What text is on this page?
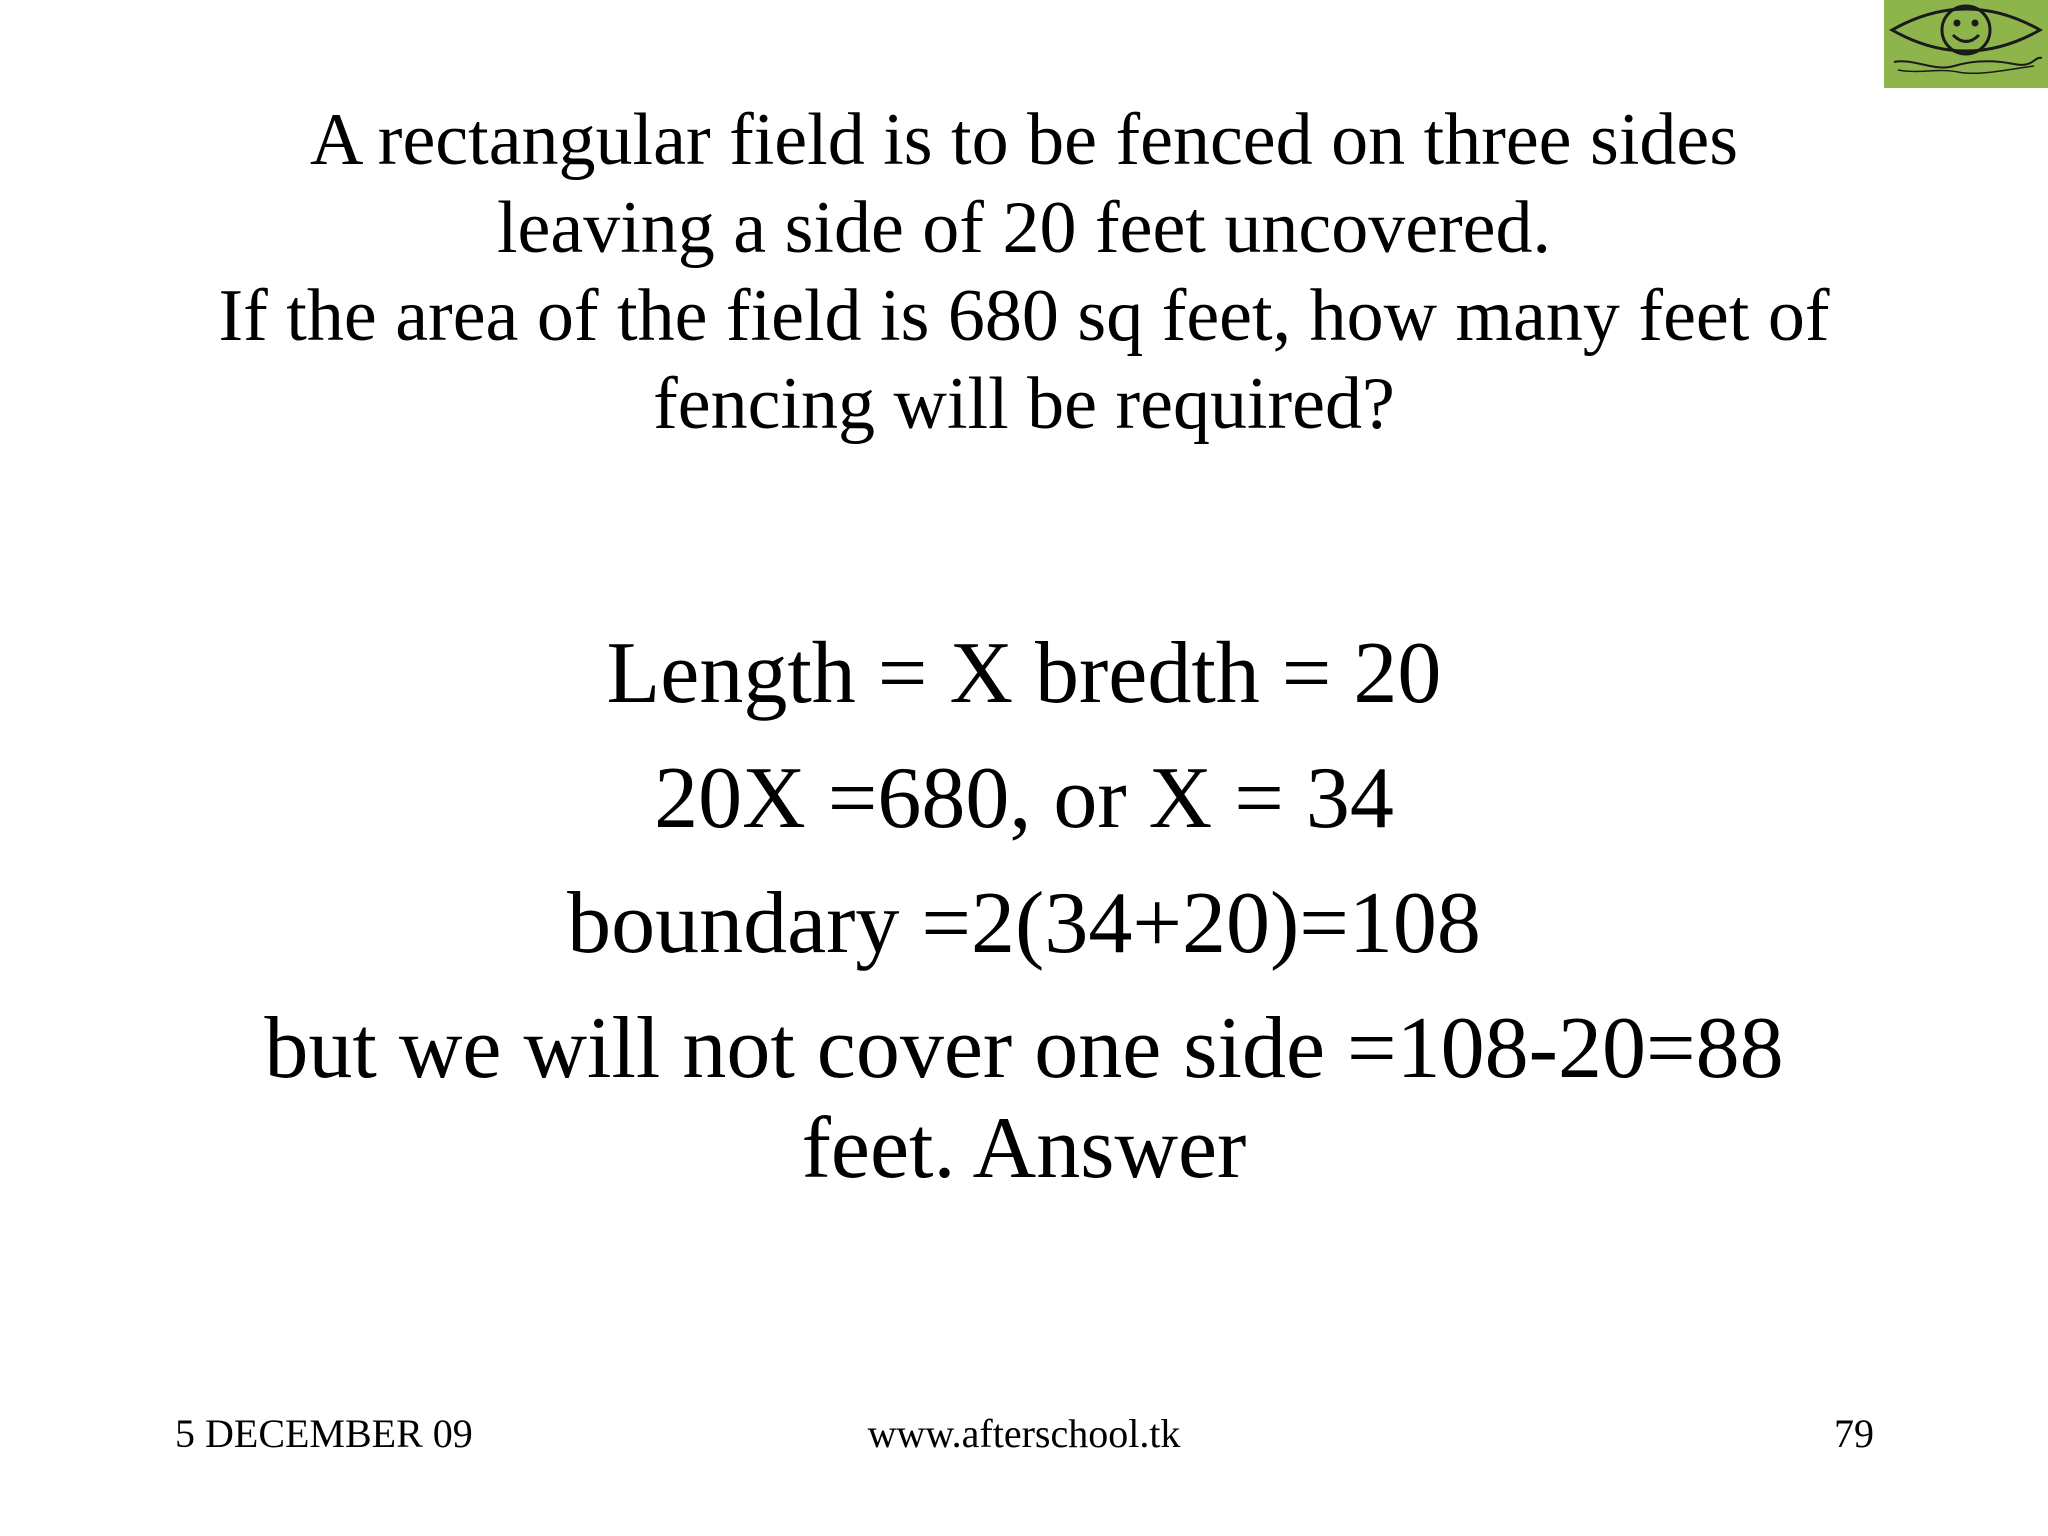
A rectangular field is to be fenced on three sides
leaving a side of 20 feet uncovered.
If the area of the field is 680 sq feet, how many feet of
fencing will be required?
Length = X bredth = 20
20X =680, or X = 34
boundary =2(34+20)=108
but we will not cover one side =108-20=88
feet. Answer
5 DECEMBER 09	www.afterschool.tk	79
